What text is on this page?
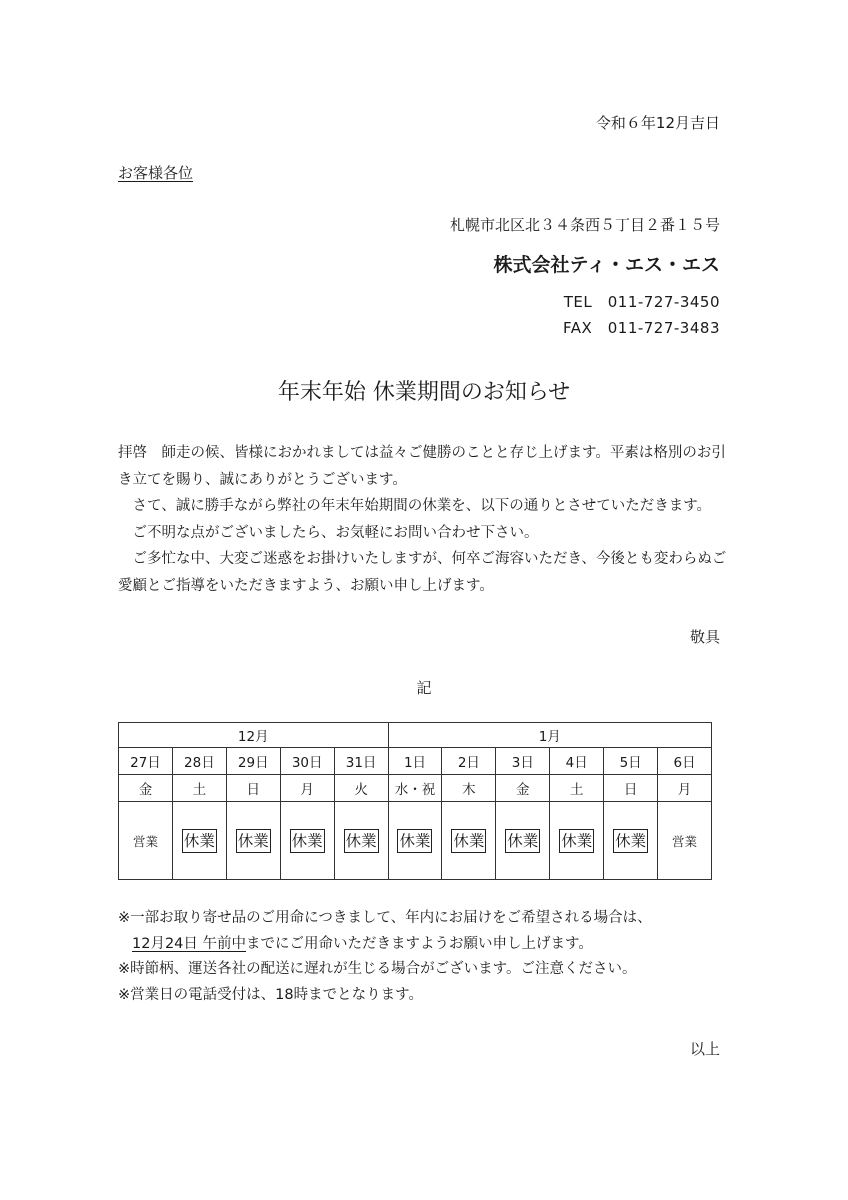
令和６年12月吉日
お客様各位
札幌市北区北３４条西５丁目２番１５号
株式会社ティ・エス・エス
TEL　011-727-3450
FAX　011-727-3483
年末年始 休業期間のお知らせ

拝啓　師走の候、皆様におかれましては益々ご健勝のことと存じ上げます。平素は格別のお引き立てを賜り、誠にありがとうございます。

　さて、誠に勝手ながら弊社の年末年始期間の休業を、以下の通りとさせていただきます。

　ご不明な点がございましたら、お気軽にお問い合わせ下さい。

　ご多忙な中、大変ご迷惑をお掛けいたしますが、何卒ご海容いただき、今後とも変わらぬご愛顧とご指導をいただきますよう、お願い申し上げます。

敬具
記
12月					1月					
27日	28日	29日	30日	31日	1日	2日	3日	4日	5日	6日
金	土	日	月	火	水・祝	木	金	土	日	月
営業	休業	休業	休業	休業	休業	休業	休業	休業	休業	営業

※一部お取り寄せ品のご用命につきまして、年内にお届けをご希望される場合は、

12月24日 午前中までにご用命いただきますようお願い申し上げます。

※時節柄、運送各社の配送に遅れが生じる場合がございます。ご注意ください。

※営業日の電話受付は、18時までとなります。

以上
